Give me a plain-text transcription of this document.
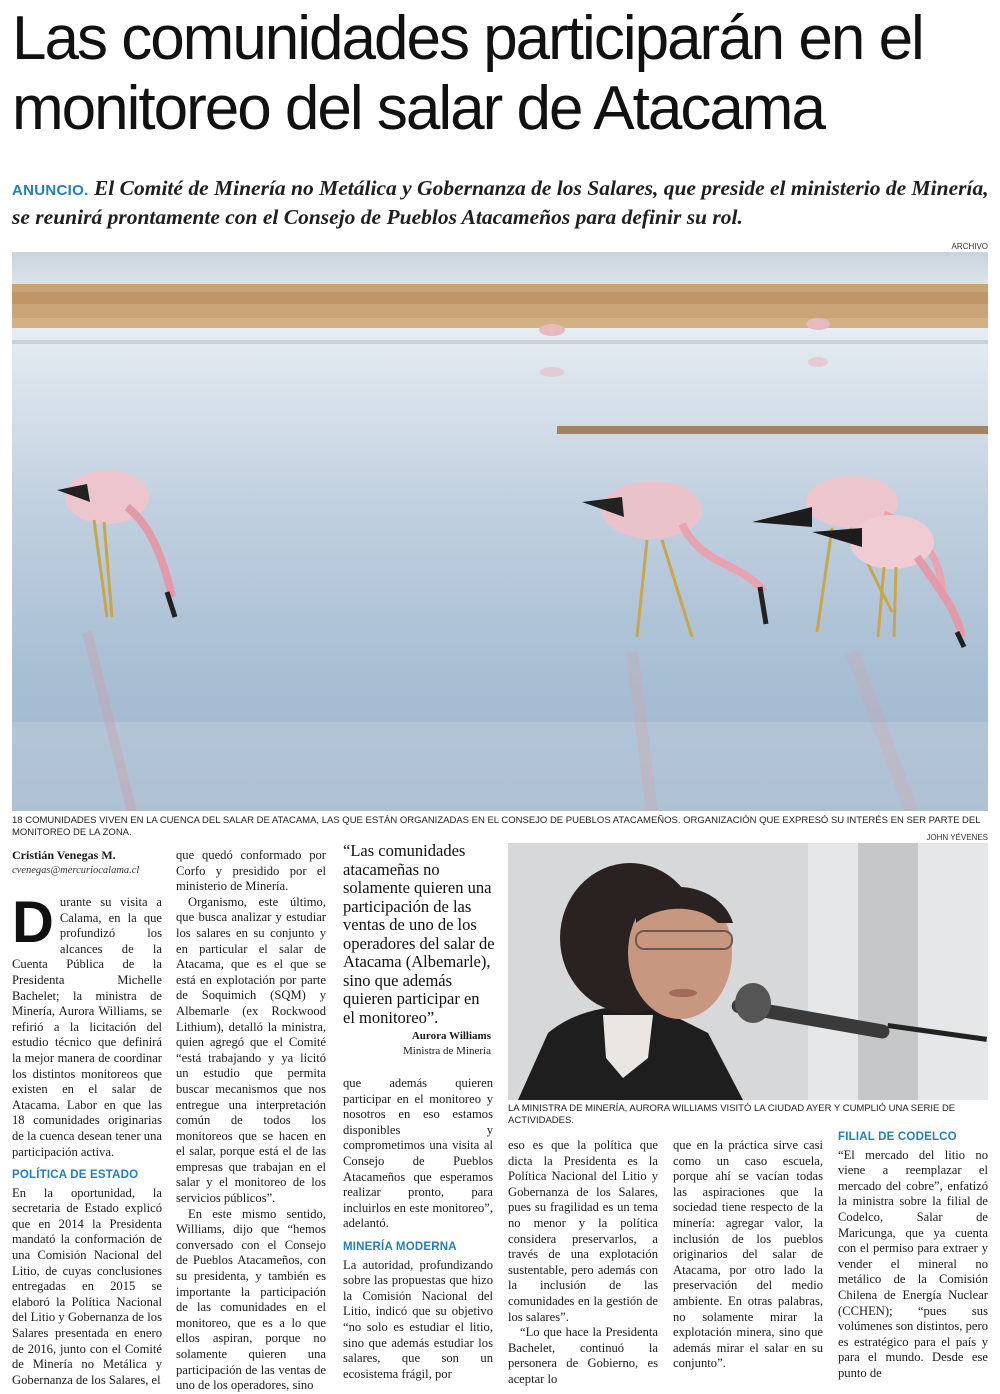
Las comunidades participarán en el monitoreo del salar de Atacama

ANUNCIO. El Comité de Minería no Metálica y Gobernanza de los Salares, que preside el ministerio de Minería, se reunirá prontamente con el Consejo de Pueblos Atacameños para definir su rol.

ARCHIVO
18 COMUNIDADES VIVEN EN LA CUENCA DEL SALAR DE ATACAMA, LAS QUE ESTÁN ORGANIZADAS EN EL CONSEJO DE PUEBLOS ATACAMEÑOS. ORGANIZACIÓN QUE EXPRESÓ SU INTERÉS EN SER PARTE DEL MONITOREO DE LA ZONA.	JOHN YÉVENES
Cristián Venegas M.
cvenegas@mercuriocalama.cl

Durante su visita a Calama, en la que profundizó los alcances de la Cuenta Pública de la Presidenta Michelle Bachelet; la ministra de Minería, Aurora Williams, se refirió a la licitación del estudio técnico que definirá la mejor manera de coordinar los distintos monitoreos que existen en el salar de Atacama. Labor en que las 18 comunidades originarias de la cuenca desean tener una participación activa.

POLÍTICA DE ESTADO

En la oportunidad, la secretaria de Estado explicó que en 2014 la Presidenta mandató la conformación de una Comisión Nacional del Litio, de cuyas conclusiones entregadas en 2015 se elaboró la Política Nacional del Litio y Gobernanza de los Salares presentada en enero de 2016, junto con el Comité de Minería no Metálica y Gobernanza de los Salares, el

que quedó conformado por Corfo y presidido por el ministerio de Minería.

Organismo, este último, que busca analizar y estudiar los salares en su conjunto y en particular el salar de Atacama, que es el que se está en explotación por parte de Soquimich (SQM) y Albemarle (ex Rockwood Lithium), detalló la ministra, quien agregó que el Comité “está trabajando y ya licitó un estudio que permita buscar mecanismos que nos entregue una interpretación común de todos los monitoreos que se hacen en el salar, porque está el de las empresas que trabajan en el salar y el monitoreo de los servicios públicos”.

En este mismo sentido, Williams, dijo que “hemos conversado con el Consejo de Pueblos Atacameños, con su presidenta, y también es importante la participación de las comunidades en el monitoreo, que es a lo que ellos aspiran, porque no solamente quieren una participación de las ventas de uno de los operadores, sino

“Las comunidades atacameñas no solamente quieren una participación de las ventas de uno de los operadores del salar de Atacama (Albemarle), sino que además quieren participar en el monitoreo”.

Aurora Williams
Ministra de Minería
LA MINISTRA DE MINERÍA, AURORA WILLIAMS VISITÓ LA CIUDAD AYER Y CUMPLIÓ UNA SERIE DE ACTIVIDADES.

que además quieren participar en el monitoreo y nosotros en eso estamos disponibles y comprometimos una visita al Consejo de Pueblos Atacameños que esperamos realizar pronto, para incluirlos en este monitoreo”, adelantó.

MINERÍA MODERNA

La autoridad, profundizando sobre las propuestas que hizo la Comisión Nacional del Litio, indicó que su objetivo “no solo es estudiar el litio, sino que además estudiar los salares, que son un ecosistema frágil, por

eso es que la política que dicta la Presidenta es la Política Nacional del Litio y Gobernanza de los Salares, pues su fragilidad es un tema no menor y la política considera preservarlos, a través de una explotación sustentable, pero además con la inclusión de las comunidades en la gestión de los salares”.

“Lo que hace la Presidenta Bachelet, continuó la personera de Gobierno, es aceptar lo

que en la práctica sirve casi como un caso escuela, porque ahí se vacían todas las aspiraciones que la sociedad tiene respecto de la minería: agregar valor, la inclusión de los pueblos originarios del salar de Atacama, por otro lado la preservación del medio ambiente. En otras palabras, no solamente mirar la explotación minera, sino que además mirar el salar en su conjunto”.

FILIAL DE CODELCO

“El mercado del litio no viene a reemplazar el mercado del cobre”, enfatizó la ministra sobre la filial de Codelco, Salar de Maricunga, que ya cuenta con el permiso para extraer y vender el mineral no metálico de la Comisión Chilena de Energía Nuclear (CCHEN); “pues sus volúmenes son distintos, pero es estratégico para el país y para el mundo. Desde ese punto de
